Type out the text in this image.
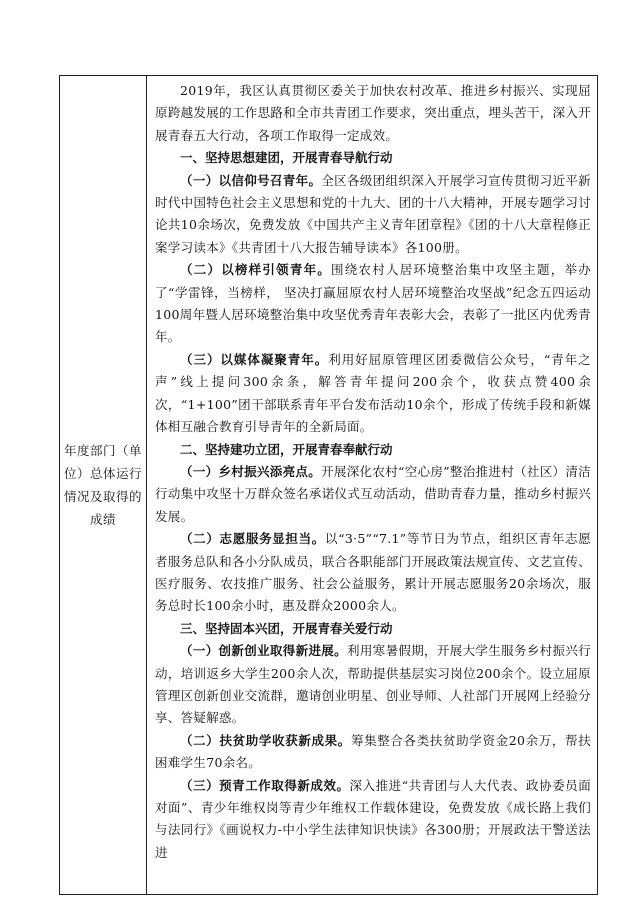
年度部门（单位）总体运行情况及取得的成绩

2019年，我区认真贯彻区委关于加快农村改革、推进乡村振兴、实现屈原跨越发展的工作思路和全市共青团工作要求，突出重点，埋头苦干，深入开展青春五大行动，各项工作取得一定成效。

一、坚持思想建团，开展青春导航行动

（一）以信仰号召青年。全区各级团组织深入开展学习宣传贯彻习近平新时代中国特色社会主义思想和党的十九大、团的十八大精神，开展专题学习讨论共10余场次，免费发放《中国共产主义青年团章程》《团的十八大章程修正案学习读本》《共青团十八大报告辅导读本》各100册。

（二）以榜样引领青年。围绕农村人居环境整治集中攻坚主题，举办了“学雷锋，当榜样， 坚决打赢屈原农村人居环境整治攻坚战”纪念五四运动100周年暨人居环境整治集中攻坚优秀青年表彰大会，表彰了一批区内优秀青年。

（三）以媒体凝聚青年。利用好屈原管理区团委微信公众号，“青年之声”线上提问300余条，解答青年提问200余个，收获点赞400余次，“1+100”团干部联系青年平台发布活动10余个，形成了传统手段和新媒体相互融合教育引导青年的全新局面。

二、坚持建功立团，开展青春奉献行动

（一）乡村振兴添亮点。开展深化农村“空心房”整治推进村（社区）清洁行动集中攻坚十万群众签名承诺仪式互动活动，借助青春力量，推动乡村振兴发展。

（二）志愿服务显担当。以“3·5”“7.1”等节日为节点，组织区青年志愿者服务总队和各小分队成员，联合各职能部门开展政策法规宣传、文艺宣传、医疗服务、农技推广服务、社会公益服务，累计开展志愿服务20余场次，服务总时长100余小时，惠及群众2000余人。

三、坚持固本兴团，开展青春关爱行动

（一）创新创业取得新进展。利用寒暑假期，开展大学生服务乡村振兴行动，培训返乡大学生200余人次，帮助提供基层实习岗位200余个。设立屈原管理区创新创业交流群，邀请创业明星、创业导师、人社部门开展网上经验分享、答疑解惑。

（二）扶贫助学收获新成果。筹集整合各类扶贫助学资金20余万，帮扶困难学生70余名。

（三）预青工作取得新成效。深入推进“共青团与人大代表、政协委员面对面”、青少年维权岗等青少年维权工作载体建设，免费发放《成长路上我们与法同行》《画说权力-中小学生法律知识快读》各300册；开展政法干警送法进
